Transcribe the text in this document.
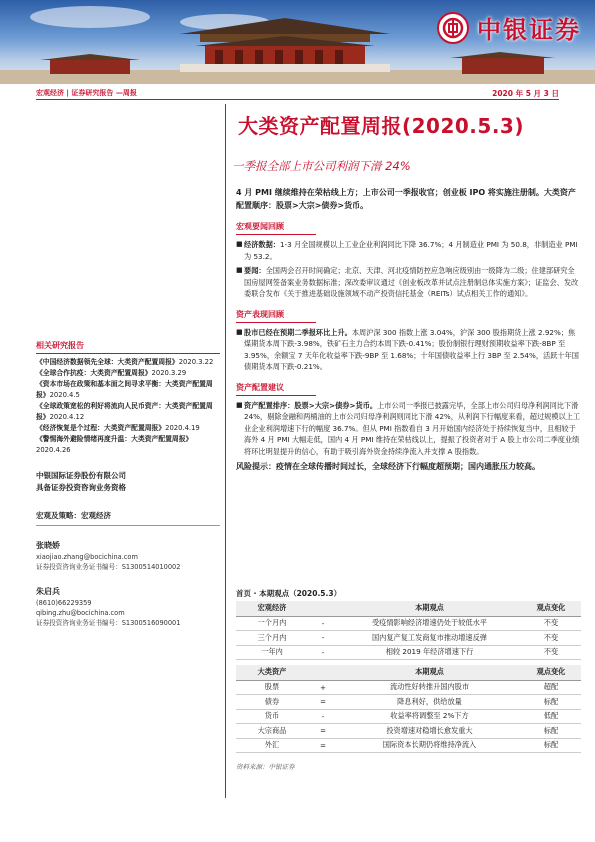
中银证券
宏观经济 | 证券研究报告 —周报	2020 年 5 月 3 日
大类资产配置周报(2020.5.3)
一季报全部上市公司利润下滑 24%
相关研究报告
《中国经济数据领先全球：大类资产配置周报》2020.3.22
《全球合作抗疫：大类资产配置周报》2020.3.29
《资本市场在政策和基本面之间寻求平衡：大类资产配置周报》2020.4.5
《全球政策宽松的利好将流向人民币资产：大类资产配置周报》2020.4.12
《经济恢复是个过程：大类资产配置周报》2020.4.19
《警惕海外避险情绪再度升温：大类资产配置周报》2020.4.26
中银国际证券股份有限公司
具备证券投资咨询业务资格
宏观及策略：宏观经济
张晓娇
xiaojiao.zhang@bocichina.com
证券投资咨询业务证书编号：S1300514010002
朱启兵
(8610)66229359
qibing.zhu@bocichina.com
证券投资咨询业务证书编号：S1300516090001
4 月 PMI 继续维持在荣枯线上方；上市公司一季报收官；创业板 IPO 将实施注册制。大类资产配置顺序：股票>大宗>债券>货币。
宏观要闻回顾
■ 经济数据：1-3 月全国规模以上工业企业利润同比下降 36.7%；4 月制造业 PMI 为 50.8，非制造业 PMI 为 53.2。
■ 要闻：全国两会召开时间确定；北京、天津、河北疫情防控应急响应级别由一级降为二级；住建部研究全国房屋网签备案业务数据标准；深改委审议通过《创业板改革并试点注册制总体实施方案》；证监会、发改委联合发布《关于推进基础设施领域不动产投资信托基金（REITs）试点相关工作的通知》。
资产表现回顾
■ 股市已经在预期二季报环比上升。本周沪深 300 指数上涨 3.04%，沪深 300 股指期货上涨 2.92%；焦煤期货本周下跌-3.98%，铁矿石主力合约本周下跌-0.41%；股份制银行理财预期收益率下跌-8BP 至 3.95%，余额宝 7 天年化收益率下跌-9BP 至 1.68%；十年国债收益率上行 3BP 至 2.54%，活跃十年国债期货本周下跌-0.21%。
资产配置建议
■ 资产配置排序：股票>大宗>债券>货币。上市公司一季报已披露完毕，全部上市公司归母净利润同比下滑 24%，剔除金融和两桶油的上市公司归母净利润则同比下滑 42%，从利润下行幅度来看，超过规模以上工业企业利润增速下行的幅度 36.7%。但从 PMI 指数看自 3 月开始国内经济处于持续恢复当中，且相较于海外 4 月 PMI 大幅走低，国内 4 月 PMI 维持在荣枯线以上，提振了投资者对于 A 股上市公司二季度业绩将环比明显提升的信心，有助于吸引海外资金持续净流入并支撑 A 股指数。
风险提示：疫情在全球传播时间过长，全球经济下行幅度超预期；国内通胀压力较高。
首页 · 本期观点（2020.5.3）
宏观经济		本期观点	观点变化
一个月内	-	受疫情影响经济增速仍处于较低水平	不变
三个月内	-	国内复产复工发商复市推动增速反弹	不变
一年内	-	相较 2019 年经济增速下行	不变
大类资产		本期观点	观点变化
股票	+	流动性好转推升国内股市	超配
债券	=	降息利好，供给放量	标配
货币	-	收益率将调整至 2%下方	低配
大宗商品	=	投资增速对稳增长愈发重大	标配
外汇	=	国际资本长期仍将维持净流入	标配
资料来源：中银证券
